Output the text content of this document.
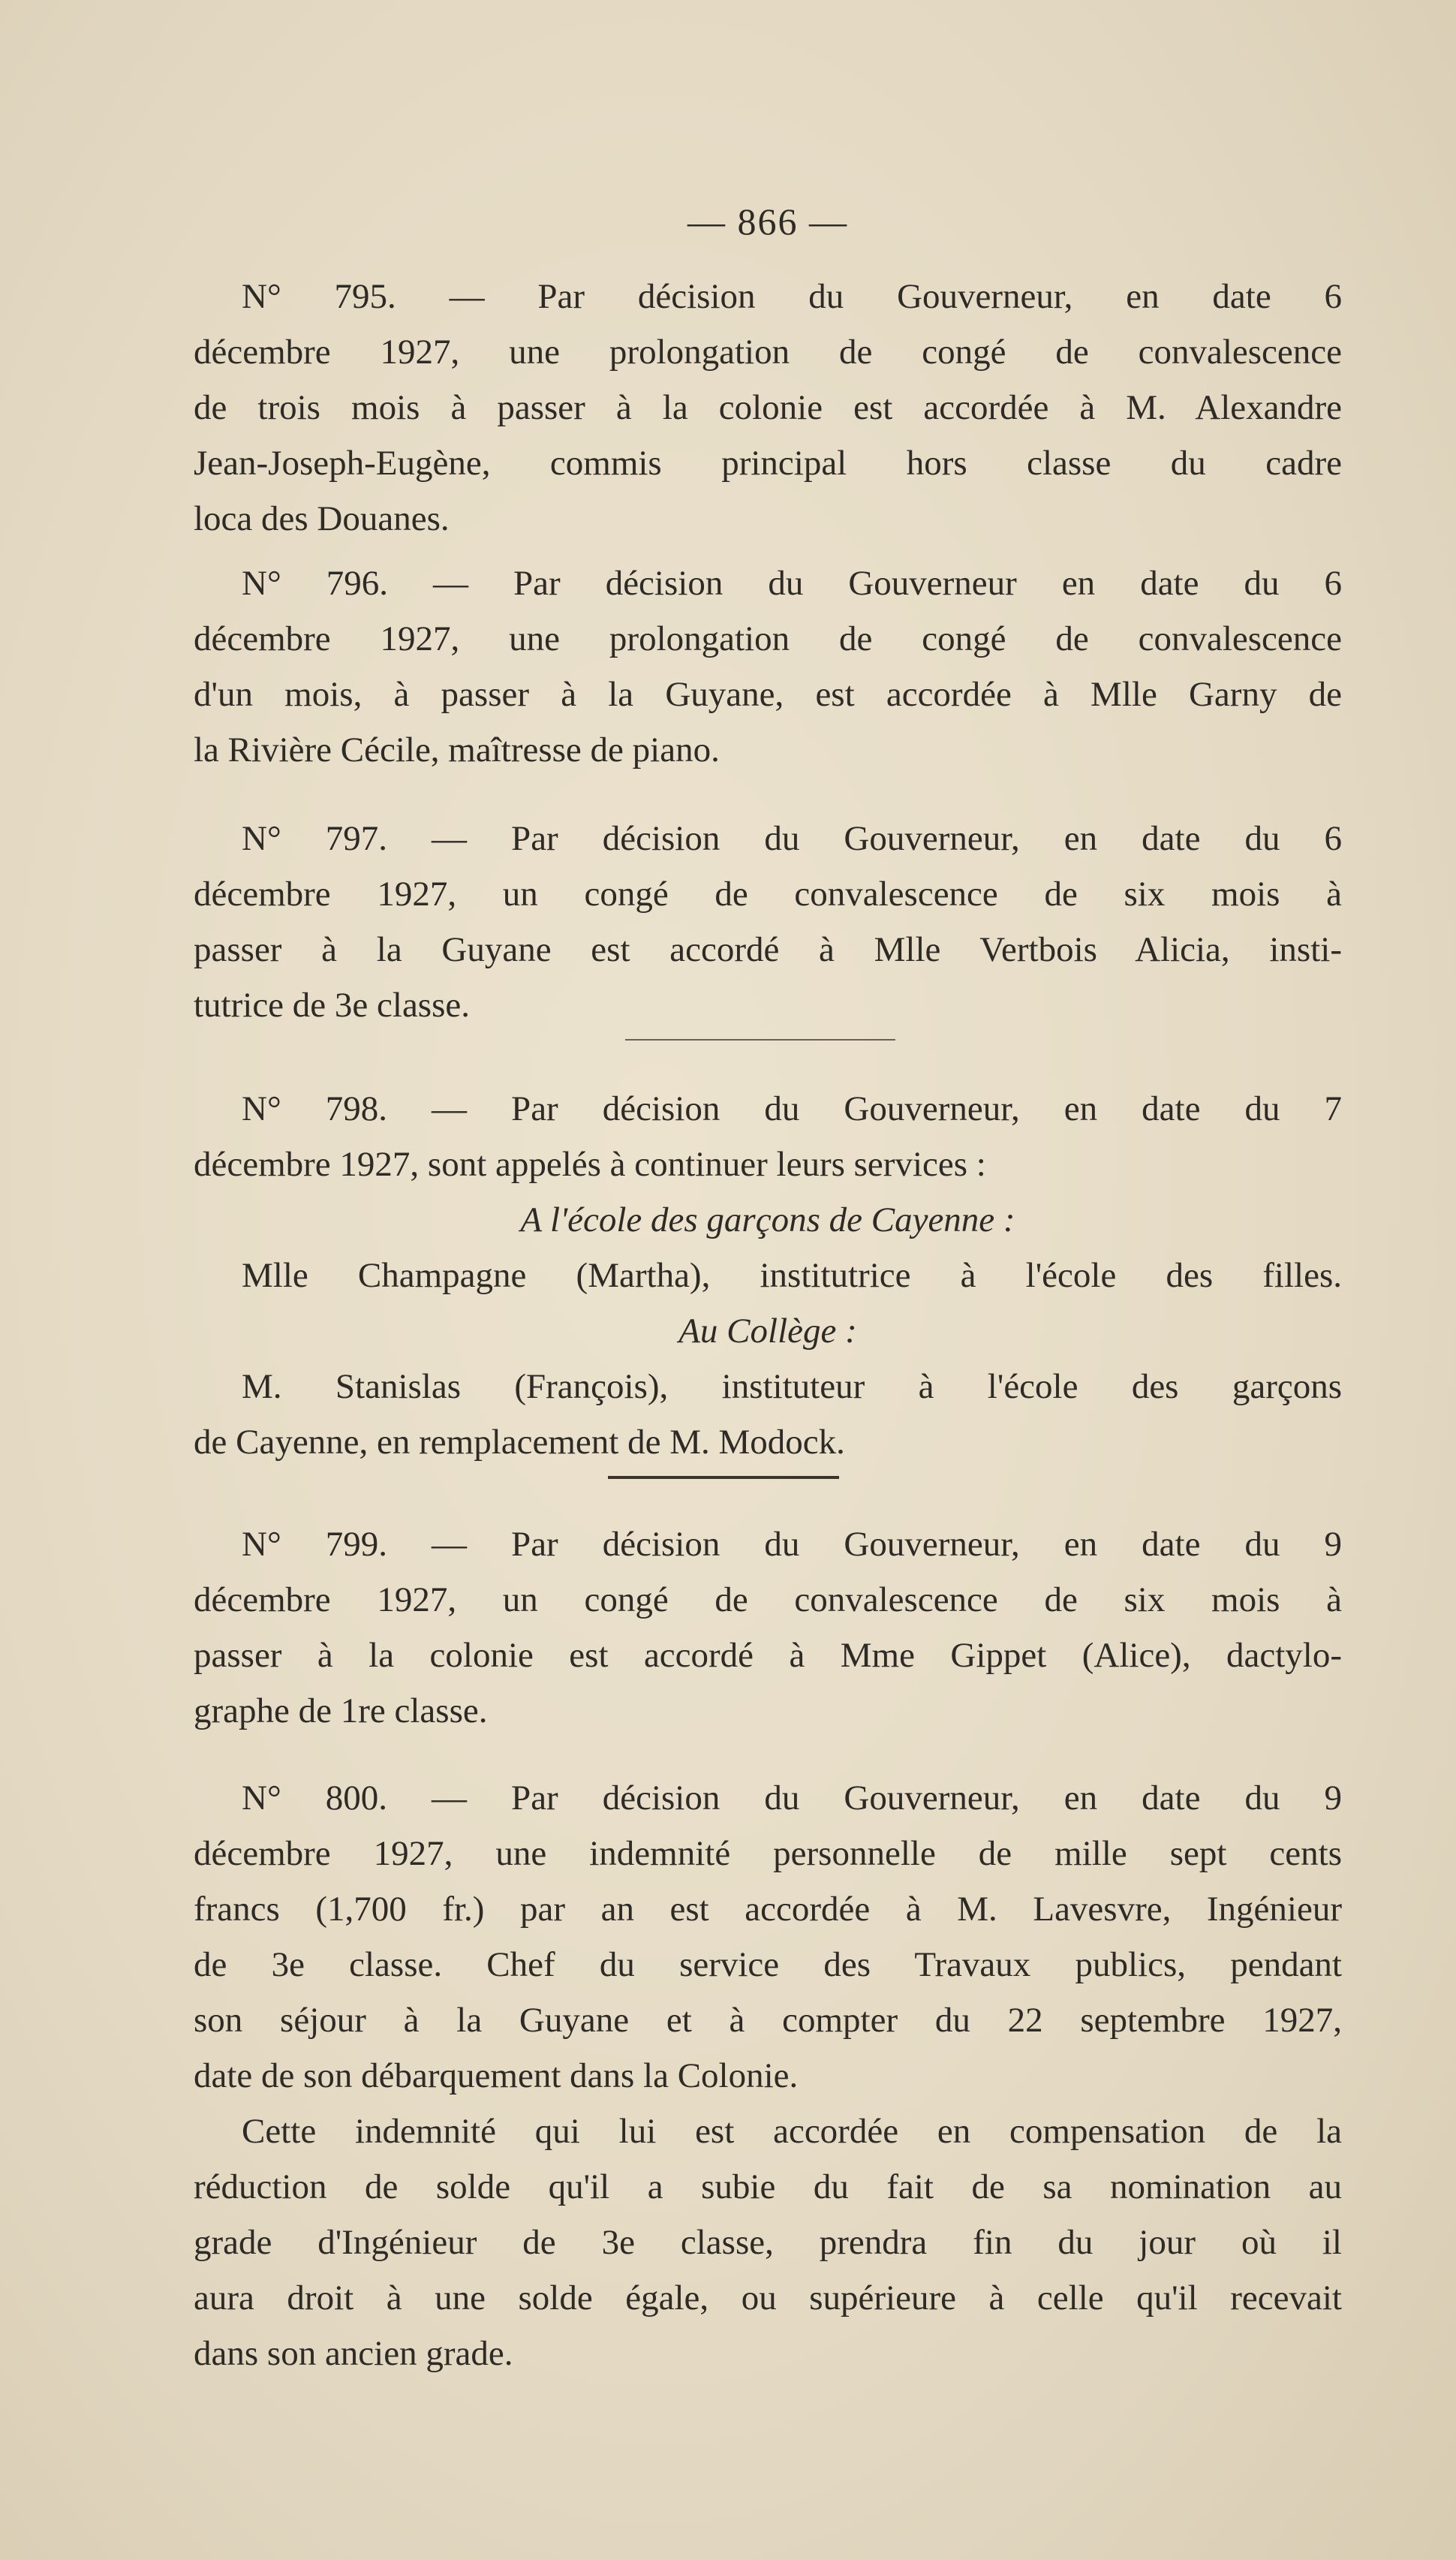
— 866 —
N° 795. — Par décision du Gouverneur, en date 6
décembre 1927, une prolongation de congé de convalescence
de trois mois à passer à la colonie est accordée à M. Alexandre
Jean-Joseph-Eugène, commis principal hors classe du cadre
loca des Douanes.
N° 796. — Par décision du Gouverneur en date du 6
décembre 1927, une prolongation de congé de convalescence
d'un mois, à passer à la Guyane, est accordée à Mlle Garny de
la Rivière Cécile, maîtresse de piano.
N° 797. — Par décision du Gouverneur, en date du 6
décembre 1927, un congé de convalescence de six mois à
passer à la Guyane est accordé à Mlle Vertbois Alicia, insti-
tutrice de 3e classe.
N° 798. — Par décision du Gouverneur, en date du 7
décembre 1927, sont appelés à continuer leurs services :
A l'école des garçons de Cayenne :
Mlle Champagne (Martha), institutrice à l'école des filles.
Au Collège :
M. Stanislas (François), instituteur à l'école des garçons
de Cayenne, en remplacement de M. Modock.
N° 799. — Par décision du Gouverneur, en date du 9
décembre 1927, un congé de convalescence de six mois à
passer à la colonie est accordé à Mme Gippet (Alice), dactylo-
graphe de 1re classe.
N° 800. — Par décision du Gouverneur, en date du 9
décembre 1927, une indemnité personnelle de mille sept cents
francs (1,700 fr.) par an est accordée à M. Lavesvre, Ingénieur
de 3e classe. Chef du service des Travaux publics, pendant
son séjour à la Guyane et à compter du 22 septembre 1927,
date de son débarquement dans la Colonie.
Cette indemnité qui lui est accordée en compensation de la
réduction de solde qu'il a subie du fait de sa nomination au
grade d'Ingénieur de 3e classe, prendra fin du jour où il
aura droit à une solde égale, ou supérieure à celle qu'il recevait
dans son ancien grade.
